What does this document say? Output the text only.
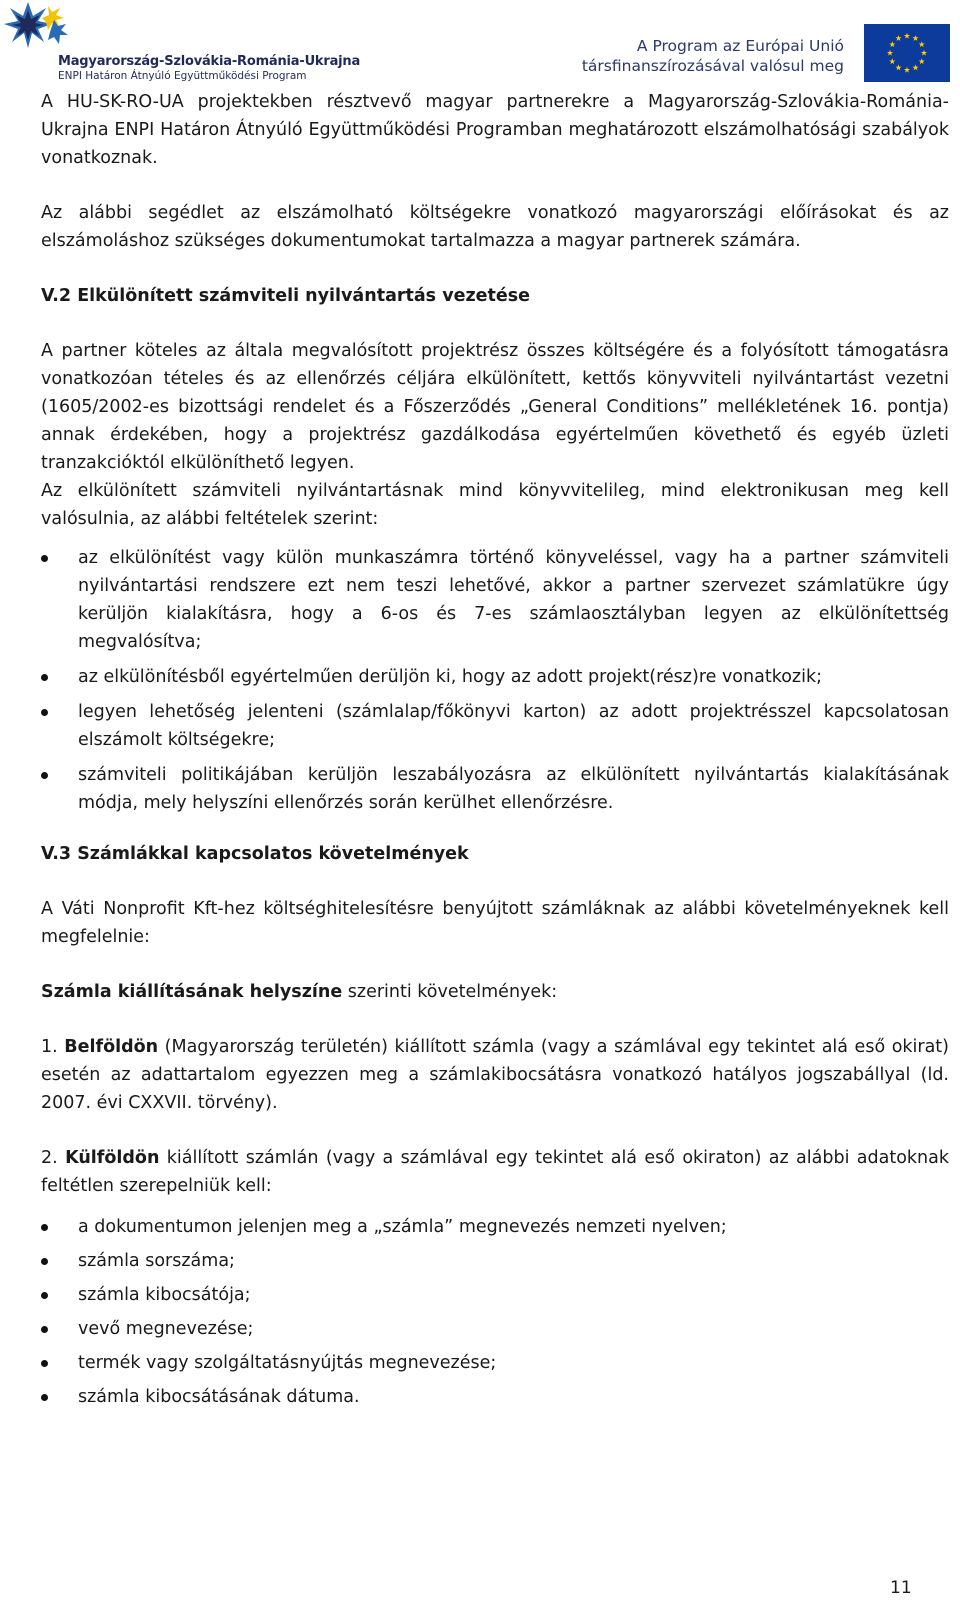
Magyarország-Szlovákia-Románia-Ukrajna
ENPI Határon Átnyúló Együttműködési Program
A Program az Európai Unió
társfinanszírozásával valósul meg

A HU-SK-RO-UA projektekben résztvevő magyar partnerekre a Magyarország-Szlovákia-Románia-Ukrajna ENPI Határon Átnyúló Együttműködési Programban meghatározott elszámolhatósági szabályok vonatkoznak.

Az alábbi segédlet az elszámolható költségekre vonatkozó magyarországi előírásokat és az elszámoláshoz szükséges dokumentumokat tartalmazza a magyar partnerek számára.

V.2 Elkülönített számviteli nyilvántartás vezetése

A partner köteles az általa megvalósított projektrész összes költségére és a folyósított támogatásra vonatkozóan tételes és az ellenőrzés céljára elkülönített, kettős könyvviteli nyilvántartást vezetni (1605/2002-es bizottsági rendelet és a Főszerződés „General Conditions” mellékletének 16. pontja) annak érdekében, hogy a projektrész gazdálkodása egyértelműen követhető és egyéb üzleti tranzakcióktól elkülöníthető legyen.

Az elkülönített számviteli nyilvántartásnak mind könyvvitelileg, mind elektronikusan meg kell valósulnia, az alábbi feltételek szerint:

az elkülönítést vagy külön munkaszámra történő könyveléssel, vagy ha a partner számviteli nyilvántartási rendszere ezt nem teszi lehetővé, akkor a partner szervezet számlatükre úgy kerüljön kialakításra, hogy a 6-os és 7-es számlaosztályban legyen az elkülönítettség megvalósítva;
az elkülönítésből egyértelműen derüljön ki, hogy az adott projekt(rész)re vonatkozik;
legyen lehetőség jelenteni (számlalap/főkönyvi karton) az adott projektrésszel kapcsolatosan elszámolt költségekre;
számviteli politikájában kerüljön leszabályozásra az elkülönített nyilvántartás kialakításának módja, mely helyszíni ellenőrzés során kerülhet ellenőrzésre.
V.3 Számlákkal kapcsolatos követelmények

A Váti Nonprofit Kft-hez költséghitelesítésre benyújtott számláknak az alábbi követelményeknek kell megfelelnie:

Számla kiállításának helyszíne szerinti követelmények:

1. Belföldön (Magyarország területén) kiállított számla (vagy a számlával egy tekintet alá eső okirat) esetén az adattartalom egyezzen meg a számlakibocsátásra vonatkozó hatályos jogszabállyal (ld. 2007. évi CXXVII. törvény).

2. Külföldön kiállított számlán (vagy a számlával egy tekintet alá eső okiraton) az alábbi adatoknak feltétlen szerepelniük kell:

a dokumentumon jelenjen meg a „számla” megnevezés nemzeti nyelven;
számla sorszáma;
számla kibocsátója;
vevő megnevezése;
termék vagy szolgáltatásnyújtás megnevezése;
számla kibocsátásának dátuma.
11
